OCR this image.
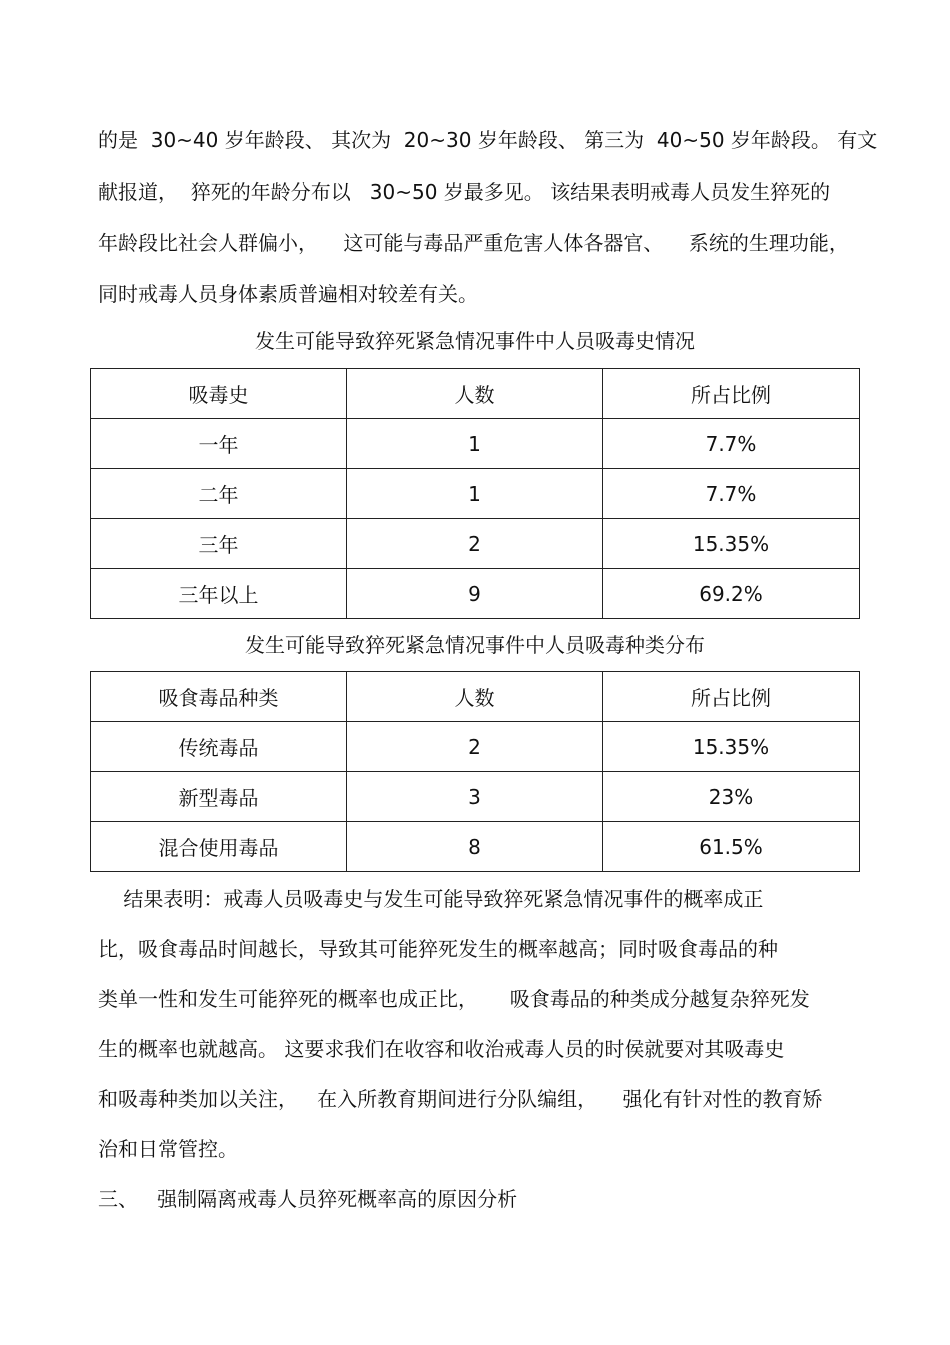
的是  30~40 岁年龄段、 其次为  20~30 岁年龄段、 第三为  40~50 岁年龄段。 有文
献报道，  猝死的年龄分布以   30~50 岁最多见。 该结果表明戒毒人员发生猝死的
年龄段比社会人群偏小，    这可能与毒品严重危害人体各器官、    系统的生理功能，
同时戒毒人员身体素质普遍相对较差有关。
发生可能导致猝死紧急情况事件中人员吸毒史情况
吸毒史	人数	所占比例
一年	1	7.7%
二年	1	7.7%
三年	2	15.35%
三年以上	9	69.2%
发生可能导致猝死紧急情况事件中人员吸毒种类分布
吸食毒品种类	人数	所占比例
传统毒品	2	15.35%
新型毒品	3	23%
混合使用毒品	8	61.5%
结果表明：戒毒人员吸毒史与发生可能导致猝死紧急情况事件的概率成正
比，吸食毒品时间越长，导致其可能猝死发生的概率越高；同时吸食毒品的种
类单一性和发生可能猝死的概率也成正比，     吸食毒品的种类成分越复杂猝死发
生的概率也就越高。 这要求我们在收容和收治戒毒人员的时侯就要对其吸毒史
和吸毒种类加以关注，   在入所教育期间进行分队编组，    强化有针对性的教育矫
治和日常管控。
三、   强制隔离戒毒人员猝死概率高的原因分析
